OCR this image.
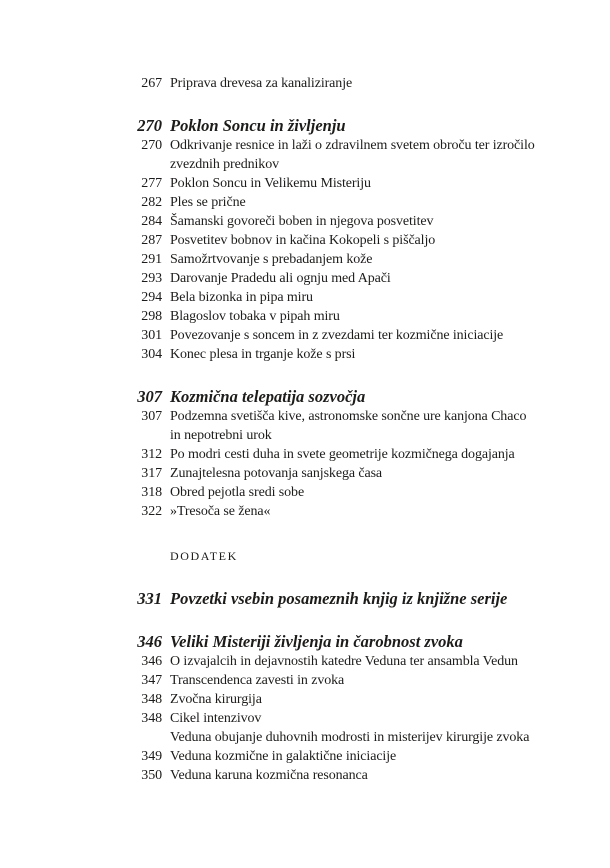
267 Priprava drevesa za kanaliziranje
270 Poklon Soncu in življenju
270 Odkrivanje resnice in laži o zdravilnem svetem obroču ter izročilo
zvezdnih prednikov
277 Poklon Soncu in Velikemu Misteriju
282 Ples se prične
284 Šamanski govoreči boben in njegova posvetitev
287 Posvetitev bobnov in kačina Kokopeli s piščaljo
291 Samožrtvovanje s prebadanjem kože
293 Darovanje Pradedu ali ognju med Apači
294 Bela bizonka in pipa miru
298 Blagoslov tobaka v pipah miru
301 Povezovanje s soncem in z zvezdami ter kozmične iniciacije
304 Konec plesa in trganje kože s prsi
307 Kozmična telepatija sozvočja
307 Podzemna svetišča kive, astronomske sončne ure kanjona Chaco
in nepotrebni urok
312 Po modri cesti duha in svete geometrije kozmičnega dogajanja
317 Zunajtelesna potovanja sanjskega časa
318 Obred pejotla sredi sobe
322 »Tresoča se žena«
DODATEK
331 Povzetki vsebin posameznih knjig iz knjižne serije
346 Veliki Misteriji življenja in čarobnost zvoka
346 O izvajalcih in dejavnostih katedre Veduna ter ansambla Vedun
347 Transcendenca zavesti in zvoka
348 Zvočna kirurgija
348 Cikel intenzivov
Veduna obujanje duhovnih modrosti in misterijev kirurgije zvoka
349 Veduna kozmične in galaktične iniciacije
350 Veduna karuna kozmična resonanca
